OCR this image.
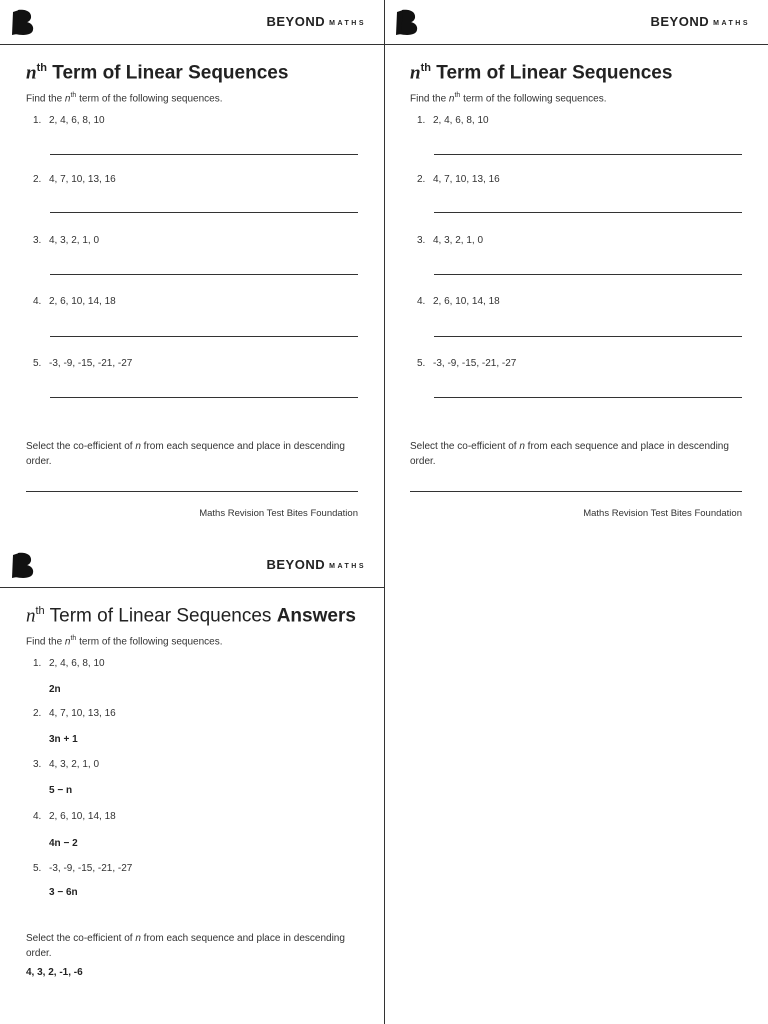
BEYOND MATHS
$n^{th}$ Term of Linear Sequences
Find the $n^{th}$ term of the following sequences.
1. 2, 4, 6, 8, 10
2. 4, 7, 10, 13, 16
3. 4, 3, 2, 1, 0
4. 2, 6, 10, 14, 18
5. -3, -9, -15, -21, -27
Select the co-efficient of n from each sequence and place in descending order.
Maths Revision Test Bites Foundation
BEYOND MATHS
$n^{th}$ Term of Linear Sequences
Find the $n^{th}$ term of the following sequences.
1. 2, 4, 6, 8, 10
2. 4, 7, 10, 13, 16
3. 4, 3, 2, 1, 0
4. 2, 6, 10, 14, 18
5. -3, -9, -15, -21, -27
Select the co-efficient of n from each sequence and place in descending order.
Maths Revision Test Bites Foundation
BEYOND MATHS
$n^{th}$ Term of Linear Sequences Answers
Find the $n^{th}$ term of the following sequences.
1. 2, 4, 6, 8, 10
2n
2. 4, 7, 10, 13, 16
3n + 1
3. 4, 3, 2, 1, 0
5 − n
4. 2, 6, 10, 14, 18
4n − 2
5. -3, -9, -15, -21, -27
3 − 6n
Select the co-efficient of n from each sequence and place in descending order.
4, 3, 2, -1, -6
